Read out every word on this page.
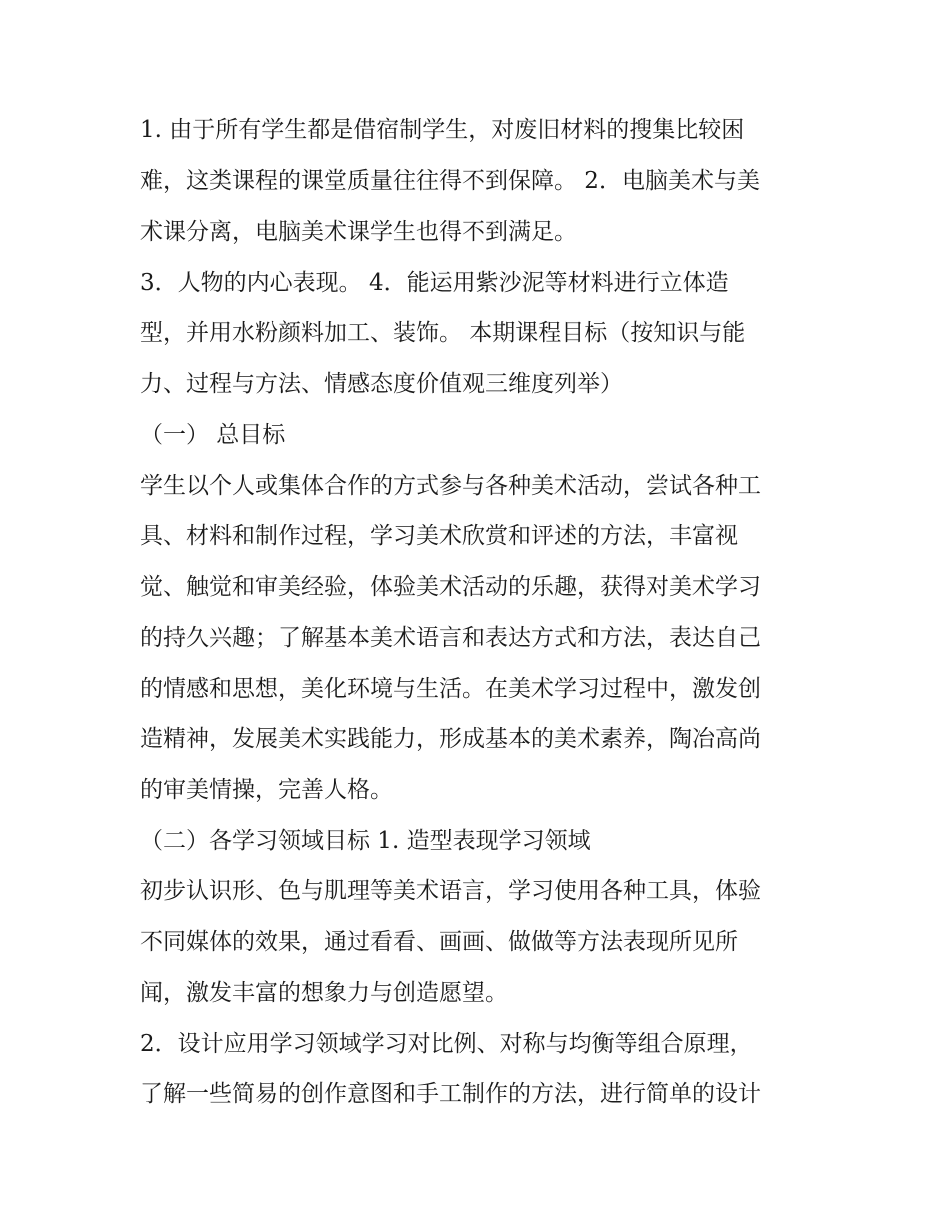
1. 由于所有学生都是借宿制学生，对废旧材料的搜集比较困
难，这类课程的课堂质量往往得不到保障。 2．电脑美术与美
术课分离，电脑美术课学生也得不到满足。
3．人物的内心表现。 4．能运用紫沙泥等材料进行立体造
型，并用水粉颜料加工、装饰。 本期课程目标（按知识与能
力、过程与方法、情感态度价值观三维度列举）
（一） 总目标
学生以个人或集体合作的方式参与各种美术活动，尝试各种工
具、材料和制作过程，学习美术欣赏和评述的方法，丰富视
觉、触觉和审美经验，体验美术活动的乐趣，获得对美术学习
的持久兴趣；了解基本美术语言和表达方式和方法，表达自己
的情感和思想，美化环境与生活。在美术学习过程中，激发创
造精神，发展美术实践能力，形成基本的美术素养，陶冶高尚
的审美情操，完善人格。
（二）各学习领域目标 1. 造型表现学习领域
初步认识形、色与肌理等美术语言，学习使用各种工具，体验
不同媒体的效果，通过看看、画画、做做等方法表现所见所
闻，激发丰富的想象力与创造愿望。
2．设计应用学习领域学习对比例、对称与均衡等组合原理，
了解一些简易的创作意图和手工制作的方法，进行简单的设计
